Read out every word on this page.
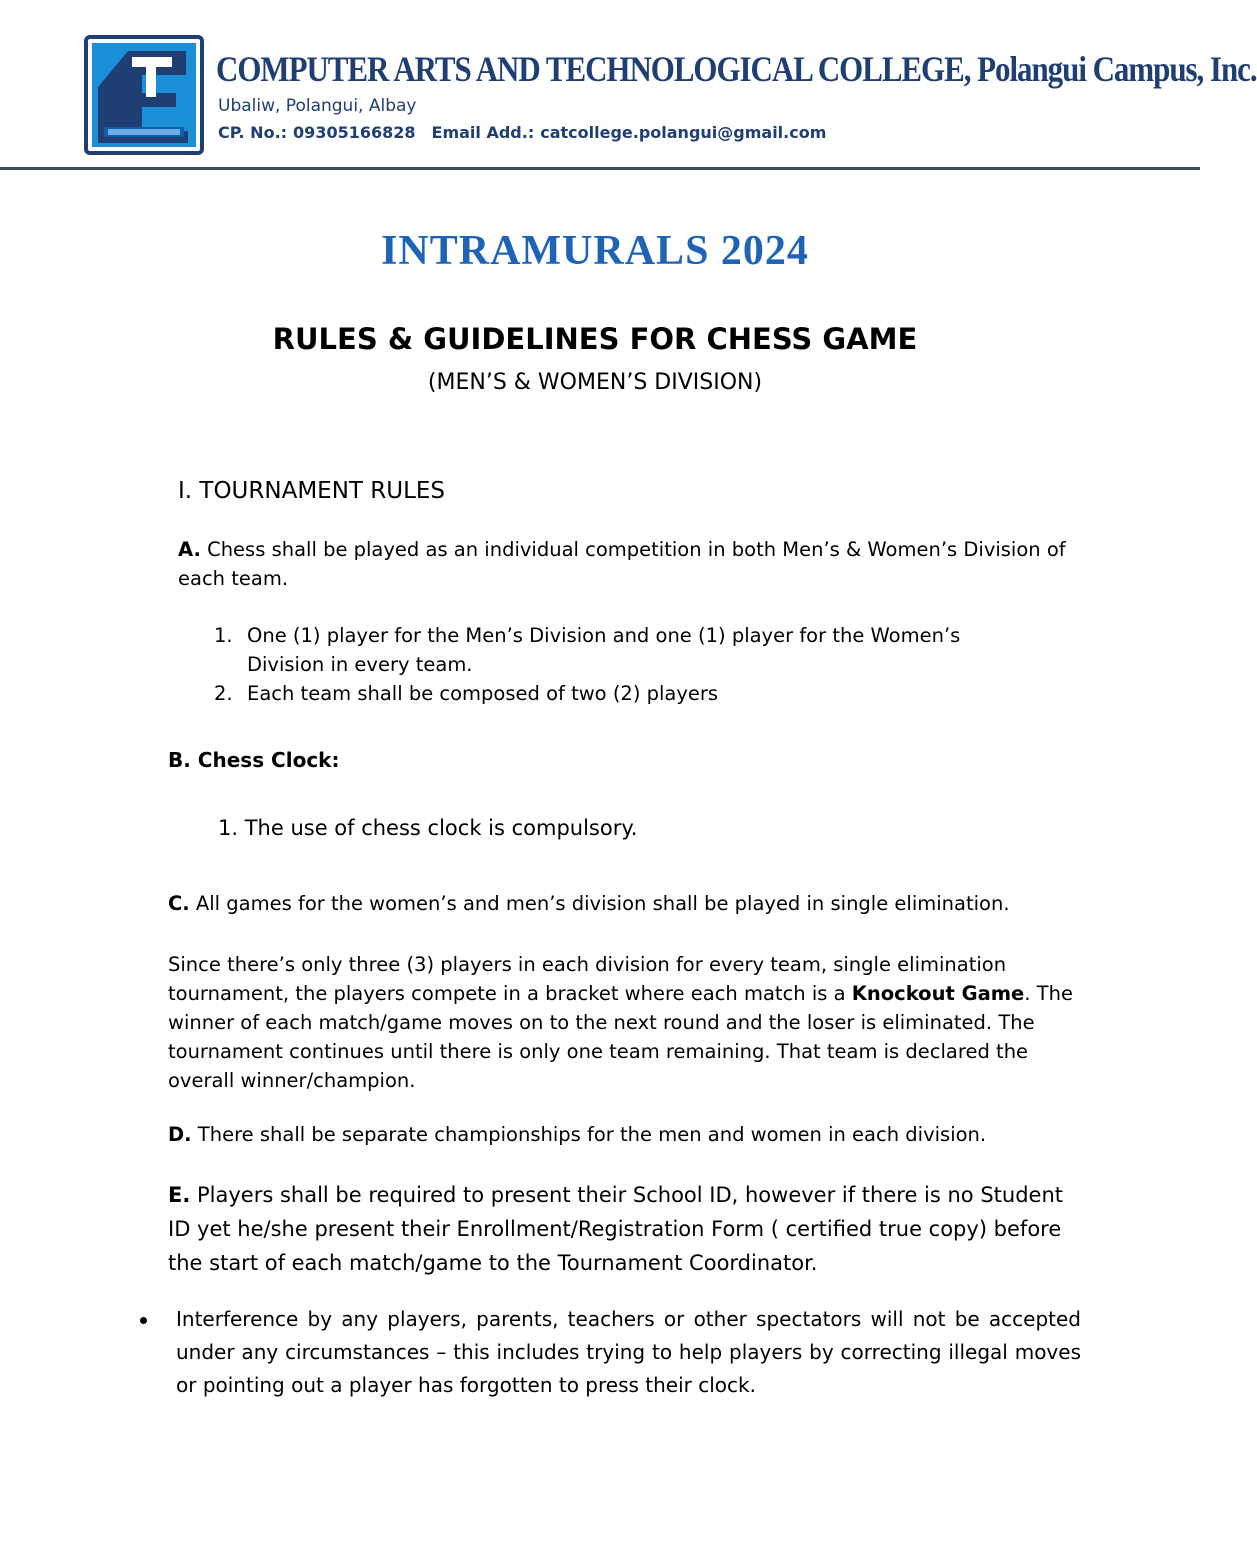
COMPUTER ARTS AND TECHNOLOGICAL COLLEGE, Polangui Campus, Inc.
Ubaliw, Polangui, Albay
CP. No.: 09305166828 Email Add.: catcollege.polangui@gmail.com
INTRAMURALS 2024
RULES & GUIDELINES FOR CHESS GAME
(MEN’S & WOMEN’S DIVISION)
I. TOURNAMENT RULES
A. Chess shall be played as an individual competition in both Men’s & Women’s Division of each team.
1. One (1) player for the Men’s Division and one (1) player for the Women’s Division in every team.
2. Each team shall be composed of two (2) players
B. Chess Clock:
1. The use of chess clock is compulsory.
C. All games for the women’s and men’s division shall be played in single elimination.
Since there’s only three (3) players in each division for every team, single elimination tournament, the players compete in a bracket where each match is a Knockout Game. The winner of each match/game moves on to the next round and the loser is eliminated. The tournament continues until there is only one team remaining. That team is declared the overall winner/champion.
D. There shall be separate championships for the men and women in each division.
E. Players shall be required to present their School ID, however if there is no Student ID yet he/she present their Enrollment/Registration Form ( certified true copy) before the start of each match/game to the Tournament Coordinator.
Interference by any players, parents, teachers or other spectators will not be accepted under any circumstances – this includes trying to help players by correcting illegal moves or pointing out a player has forgotten to press their clock.
